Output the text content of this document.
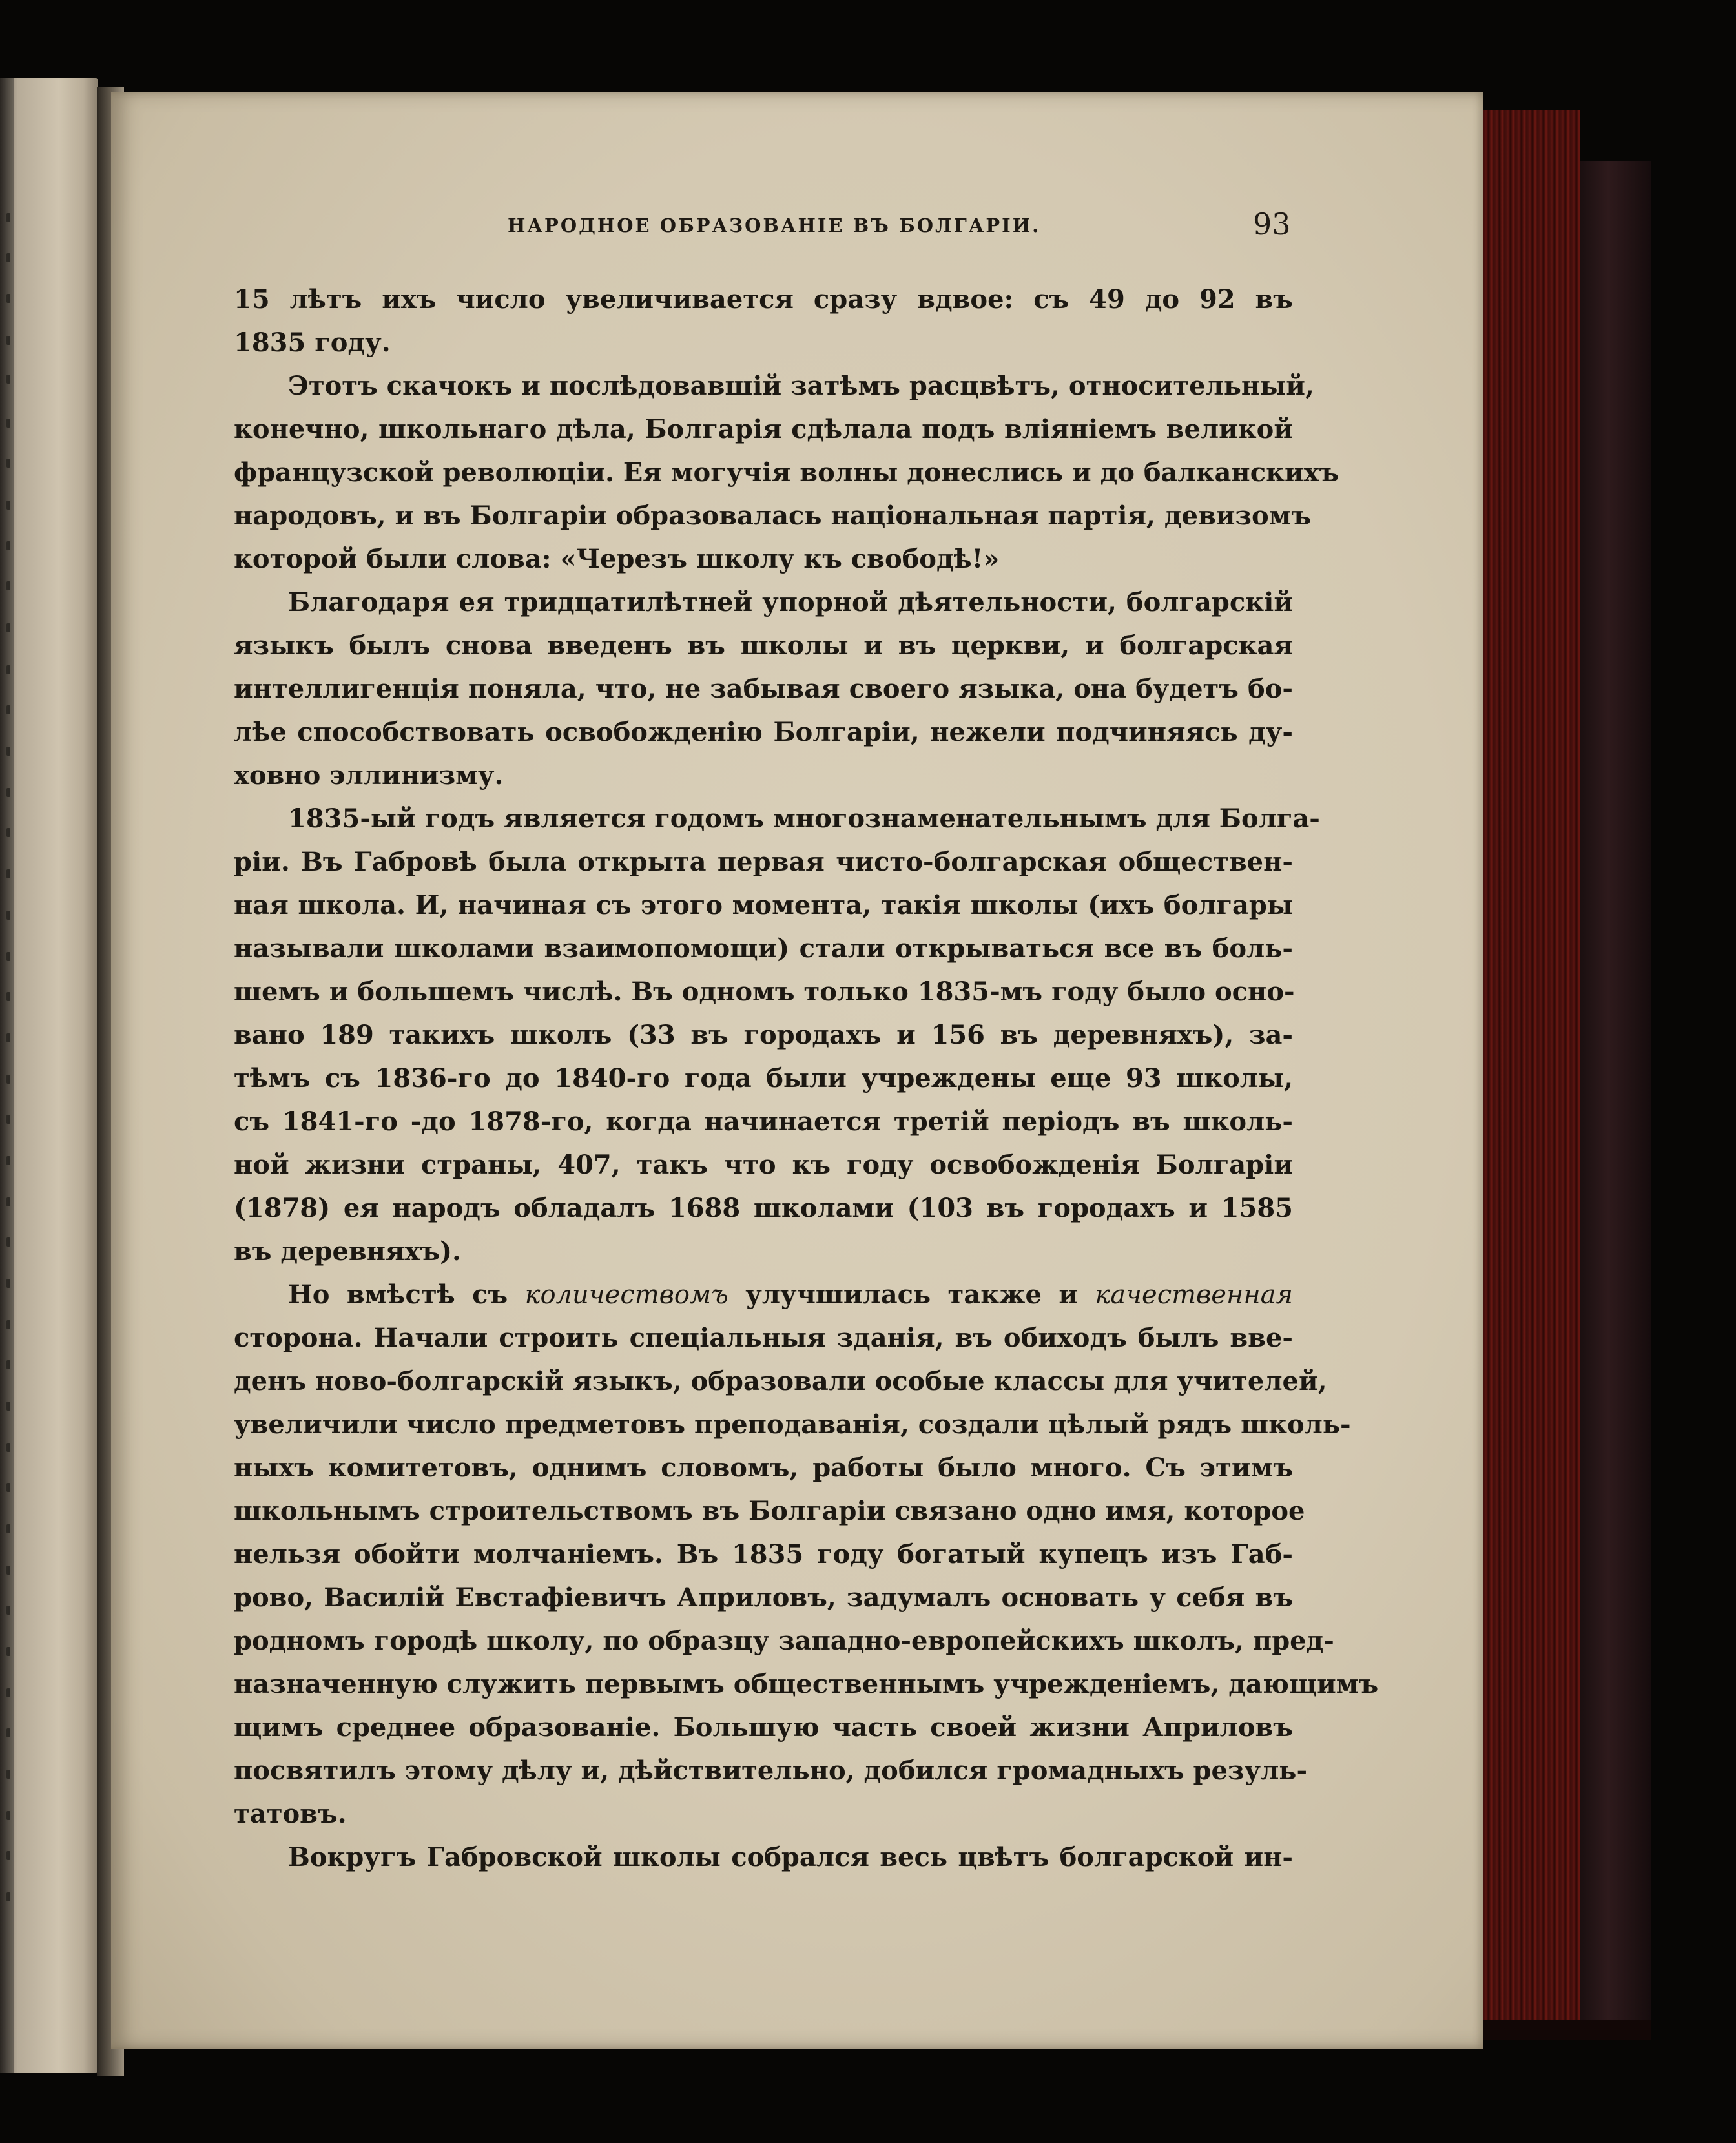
НАРОДНОЕ ОБРАЗОВАНІЕ ВЪ БОЛГАРІИ.	93
15 лѣтъ ихъ число увеличивается сразу вдвое: съ 49 до 92 въ
1835 году.
Этотъ скачокъ и послѣдовавшій затѣмъ расцвѣтъ, относительный,
конечно, школьнаго дѣла, Болгарія сдѣлала подъ вліяніемъ великой
французской революціи. Ея могучія волны донеслись и до балканскихъ
народовъ, и въ Болгаріи образовалась національная партія, девизомъ
которой были слова: «Черезъ школу къ свободѣ!»
Благодаря ея тридцатилѣтней упорной дѣятельности, болгарскій
языкъ былъ снова введенъ въ школы и въ церкви, и болгарская
интеллигенція поняла, что, не забывая своего языка, она будетъ бо-
лѣе способствовать освобожденію Болгаріи, нежели подчиняясь ду-
ховно эллинизму.
1835-ый годъ является годомъ многознаменательнымъ для Болга-
ріи. Въ Габровѣ была открыта первая чисто-болгарская обществен-
ная школа. И, начиная съ этого момента, такія школы (ихъ болгары
называли школами взаимопомощи) стали открываться все въ боль-
шемъ и большемъ числѣ. Въ одномъ только 1835-мъ году было осно-
вано 189 такихъ школъ (33 въ городахъ и 156 въ деревняхъ), за-
тѣмъ съ 1836-го до 1840-го года были учреждены еще 93 школы,
съ 1841-го -до 1878-го, когда начинается третій періодъ въ школь-
ной жизни страны, 407, такъ что къ году освобожденія Болгаріи
(1878) ея народъ обладалъ 1688 школами (103 въ городахъ и 1585
въ деревняхъ).
Но вмѣстѣ съ количествомъ улучшилась также и качественная
сторона. Начали строить спеціальныя зданія, въ обиходъ былъ вве-
денъ ново-болгарскій языкъ, образовали особые классы для учителей,
увеличили число предметовъ преподаванія, создали цѣлый рядъ школь-
ныхъ комитетовъ, однимъ словомъ, работы было много. Съ этимъ
школьнымъ строительствомъ въ Болгаріи связано одно имя, которое
нельзя обойти молчаніемъ. Въ 1835 году богатый купецъ изъ Габ-
рово, Василій Евстафіевичъ Априловъ, задумалъ основать у себя въ
родномъ городѣ школу, по образцу западно-европейскихъ школъ, пред-
назначенную служить первымъ общественнымъ учрежденіемъ, дающимъ
щимъ среднее образованіе. Большую часть своей жизни Априловъ
посвятилъ этому дѣлу и, дѣйствительно, добился громадныхъ резуль-
татовъ.
Вокругъ Габровской школы собрался весь цвѣтъ болгарской ин-
